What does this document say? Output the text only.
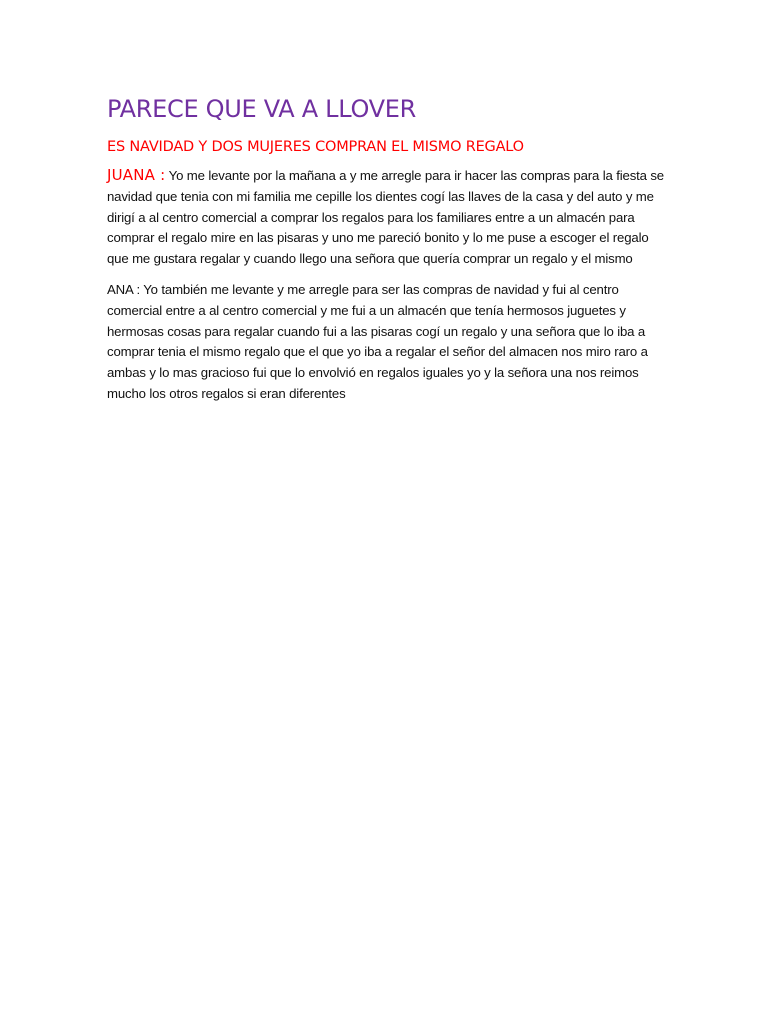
PARECE QUE VA A LLOVER
ES NAVIDAD Y DOS MUJERES COMPRAN EL MISMO REGALO

JUANA : Yo me levante por la mañana a y me arregle para ir hacer las compras para la fiesta se navidad que tenia con mi familia me cepille los dientes cogí las llaves de la casa y del auto y me dirigí a al centro comercial a comprar los regalos para los familiares entre a un almacén para comprar el regalo mire en las pisaras y uno me pareció bonito y lo me puse a escoger el regalo que me gustara regalar y cuando llego una señora que quería comprar un regalo y el mismo

ANA : Yo también me levante y me arregle para ser las compras de navidad y fui al centro comercial entre a al centro comercial y me fui a un almacén que tenía hermosos juguetes y hermosas cosas para regalar cuando fui a las pisaras cogí un regalo y una señora que lo iba a comprar tenia el mismo regalo que el que yo iba a regalar el señor del almacen nos miro raro a ambas y lo mas gracioso fui que lo envolvió en regalos iguales yo y la señora una nos reimos mucho los otros regalos si eran diferentes
